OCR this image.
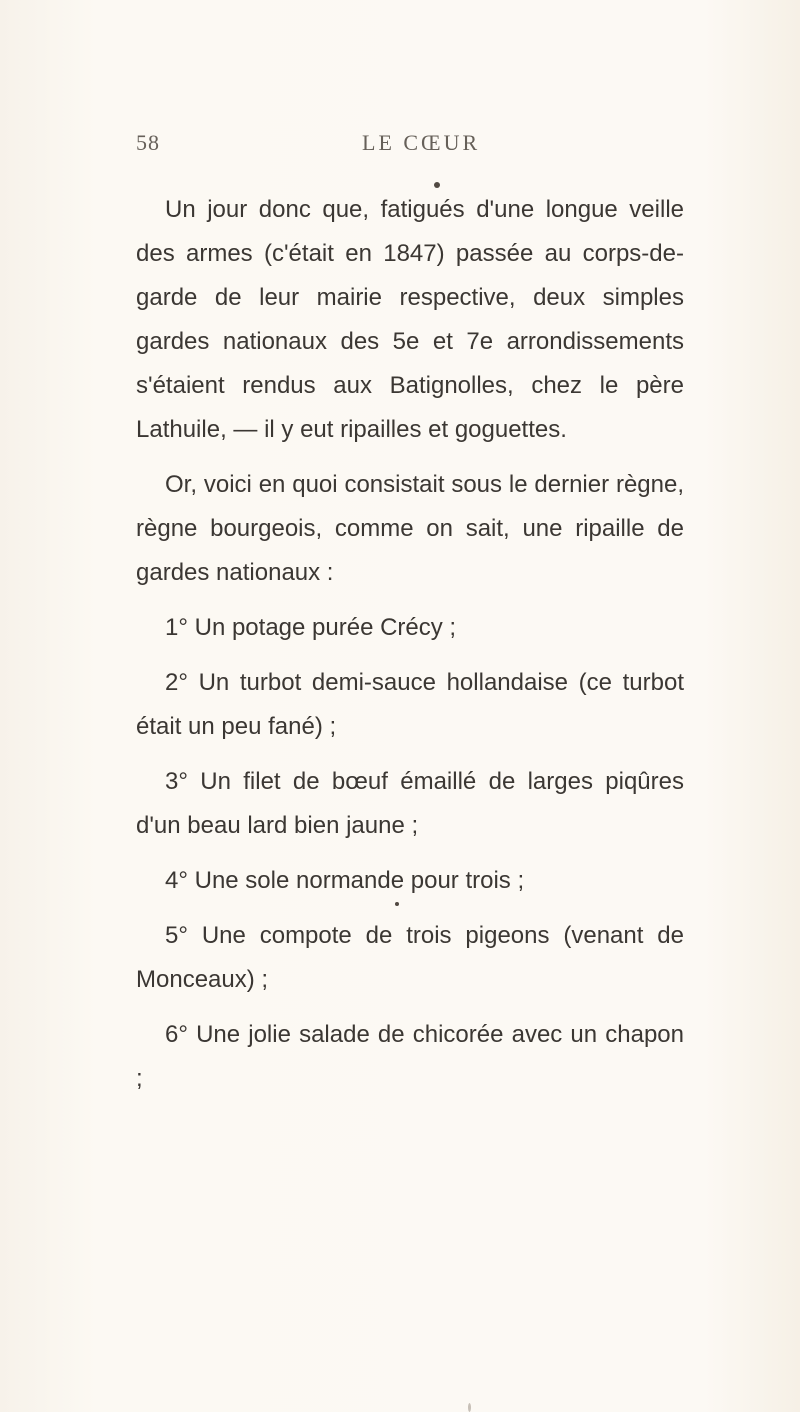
58	LE CŒUR

Un jour donc que, fatigués d'une longue veille des armes (c'était en 1847) passée au corps-de-garde de leur mairie respective, deux simples gardes nationaux des 5e et 7e arrondissements s'étaient rendus aux Batignolles, chez le père Lathuile, — il y eut ripailles et goguettes.

Or, voici en quoi consistait sous le dernier règne, règne bourgeois, comme on sait, une ripaille de gardes nationaux :

1° Un potage purée Crécy ;

2° Un turbot demi-sauce hollandaise (ce turbot était un peu fané) ;

3° Un filet de bœuf émaillé de larges piqûres d'un beau lard bien jaune ;

4° Une sole normande pour trois ;

5° Une compote de trois pigeons (venant de Monceaux) ;

6° Une jolie salade de chicorée avec un chapon ;
